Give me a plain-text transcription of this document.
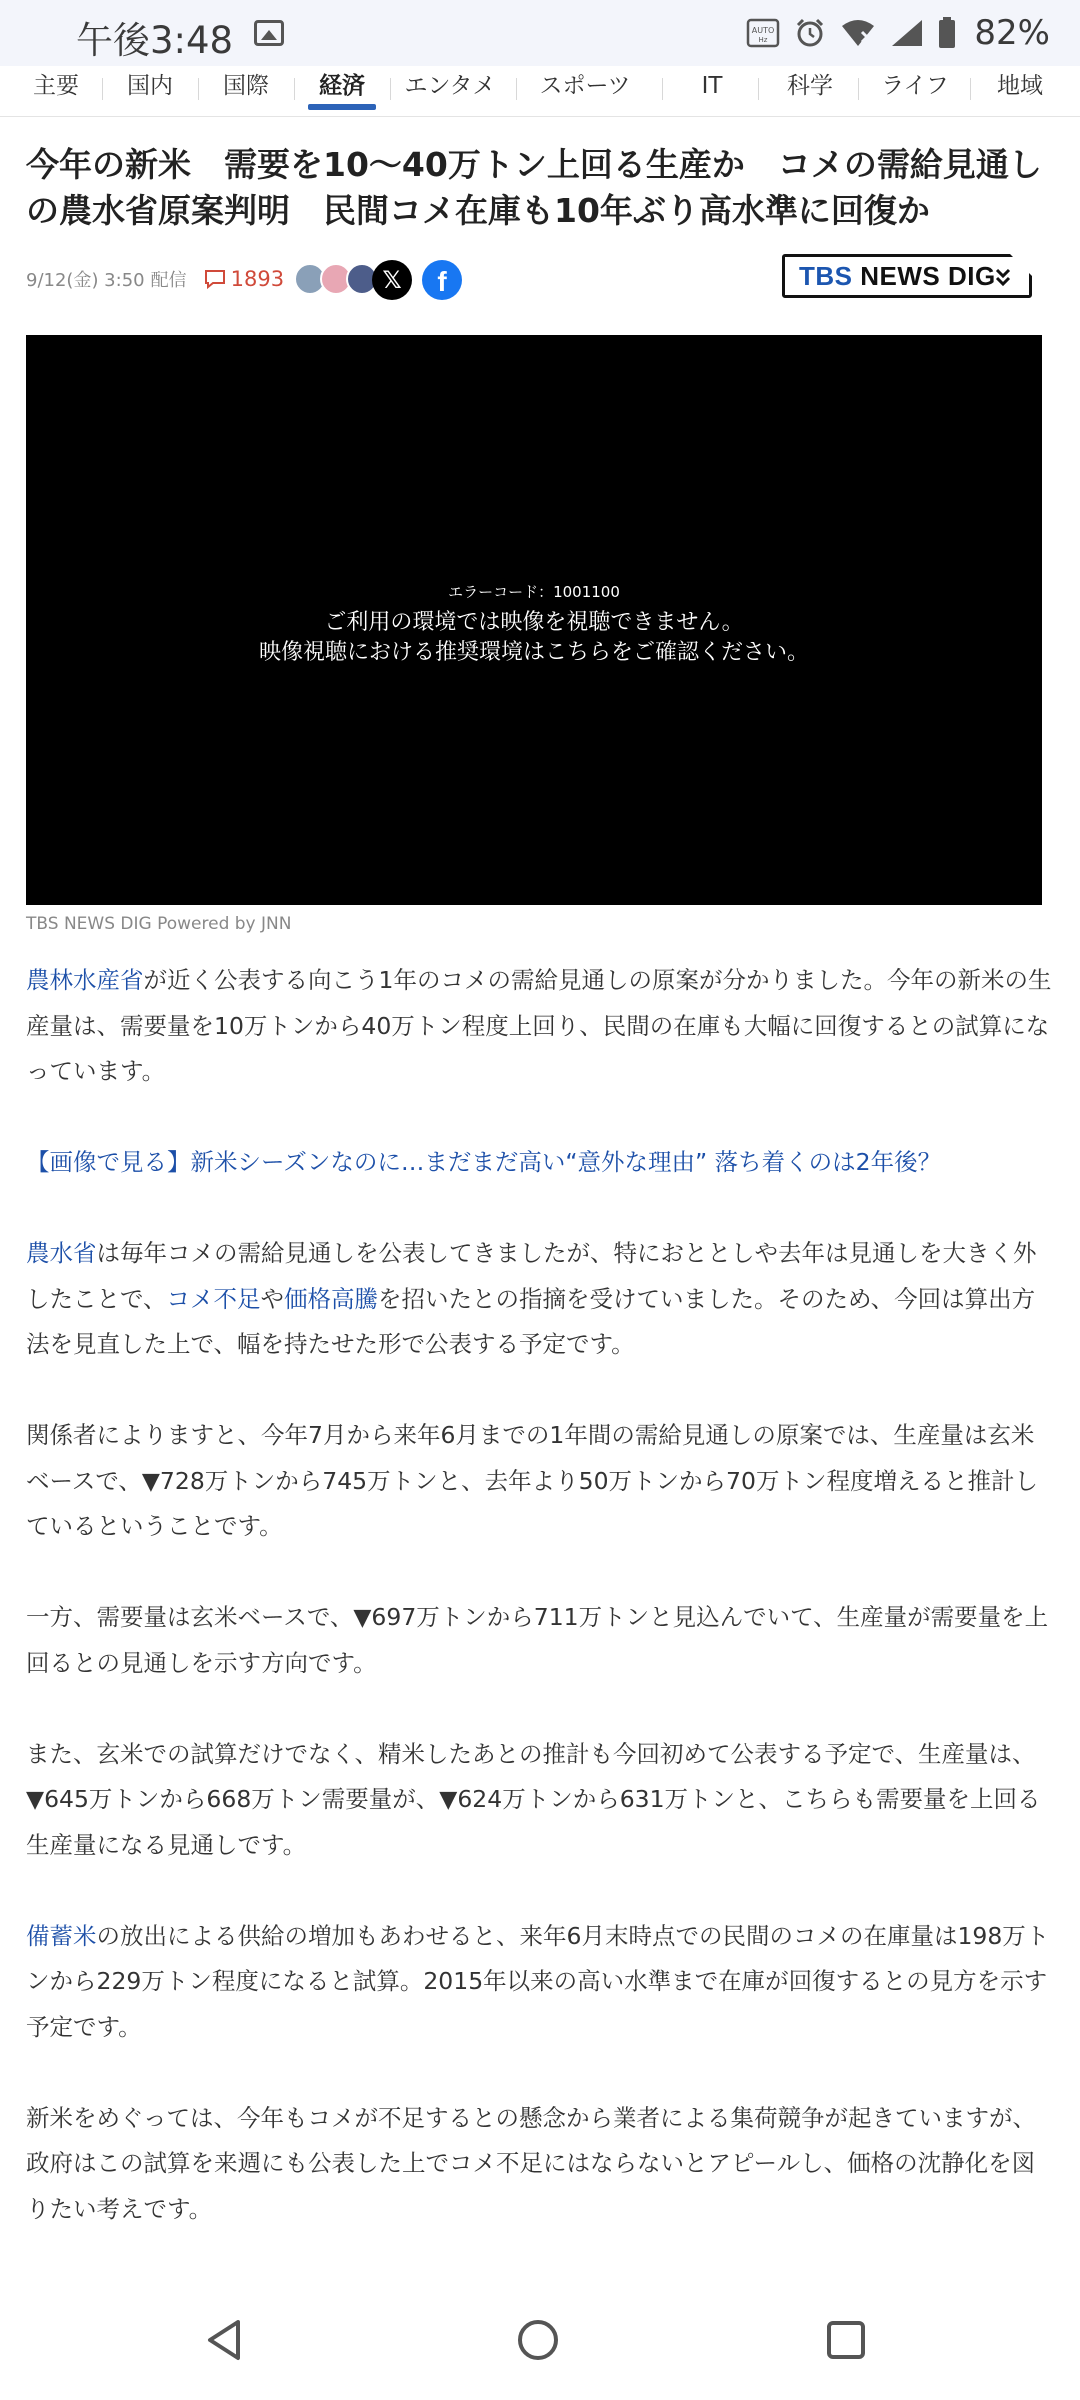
午後3:48	AUTO
Hz	82%
主要	国内	国際	経済	エンタメ	スポーツ	IT	科学	ライフ	地域
今年の新米　需要を10〜40万トン上回る生産か　コメの需給見通しの農水省原案判明　民間コメ在庫も10年ぶり高水準に回復か
9/12(金) 3:50 配信 1893	𝕏	f	TBS NEWS DIG
エラーコード：1001100
ご利用の環境では映像を視聴できません。
映像視聴における推奨環境はこちらをご確認ください。
TBS NEWS DIG Powered by JNN

農林水産省が近く公表する向こう1年のコメの需給見通しの原案が分かりました。今年の新米の生産量は、需要量を10万トンから40万トン程度上回り、民間の在庫も大幅に回復するとの試算になっています。

【画像で見る】新米シーズンなのに…まだまだ高い“意外な理由” 落ち着くのは2年後？

農水省は毎年コメの需給見通しを公表してきましたが、特におととしや去年は見通しを大きく外したことで、コメ不足や価格高騰を招いたとの指摘を受けていました。そのため、今回は算出方法を見直した上で、幅を持たせた形で公表する予定です。

関係者によりますと、今年7月から来年6月までの1年間の需給見通しの原案では、生産量は玄米ベースで、▼728万トンから745万トンと、去年より50万トンから70万トン程度増えると推計しているということです。

一方、需要量は玄米ベースで、▼697万トンから711万トンと見込んでいて、生産量が需要量を上回るとの見通しを示す方向です。

また、玄米での試算だけでなく、精米したあとの推計も今回初めて公表する予定で、生産量は、▼645万トンから668万トン需要量が、▼624万トンから631万トンと、こちらも需要量を上回る生産量になる見通しです。

備蓄米の放出による供給の増加もあわせると、来年6月末時点での民間のコメの在庫量は198万トンから229万トン程度になると試算。2015年以来の高い水準まで在庫が回復するとの見方を示す予定です。

新米をめぐっては、今年もコメが不足するとの懸念から業者による集荷競争が起きていますが、政府はこの試算を来週にも公表した上でコメ不足にはならないとアピールし、価格の沈静化を図りたい考えです。
